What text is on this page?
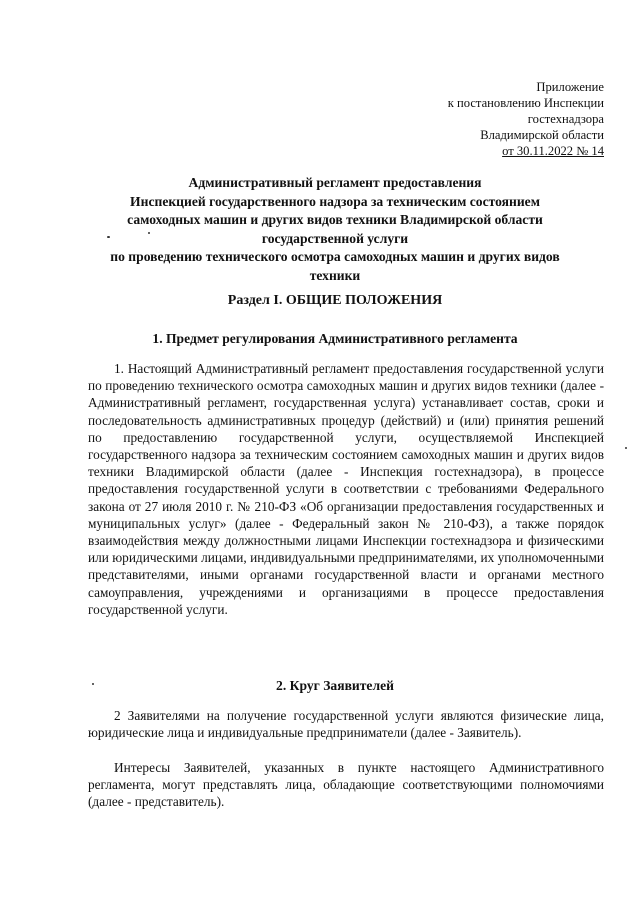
Приложение
к постановлению Инспекции
гостехнадзора
Владимирской области
от 30.11.2022 № 14
Административный регламент предоставления
Инспекцией государственного надзора за техническим состоянием
самоходных машин и других видов техники Владимирской области
государственной услуги
по проведению технического осмотра самоходных машин и других видов
техники
Раздел I. ОБЩИЕ ПОЛОЖЕНИЯ
1. Предмет регулирования Административного регламента
1. Настоящий Административный регламент предоставления государственной услуги по проведению технического осмотра самоходных машин и других видов техники (далее - Административный регламент, государственная услуга) устанавливает состав, сроки и последовательность административных процедур (действий) и (или) принятия решений по предоставлению государственной услуги, осуществляемой Инспекцией государственного надзора за техническим состоянием самоходных машин и других видов техники Владимирской области (далее - Инспекция гостехнадзора), в процессе предоставления государственной услуги в соответствии с требованиями Федерального закона от 27 июля 2010 г. № 210-ФЗ «Об организации предоставления государственных и муниципальных услуг» (далее - Федеральный закон № 210-ФЗ), а также порядок взаимодействия между должностными лицами Инспекции гостехнадзора и физическими или юридическими лицами, индивидуальными предпринимателями, их уполномоченными представителями, иными органами государственной власти и органами местного самоуправления, учреждениями и организациями в процессе предоставления государственной услуги.
2. Круг Заявителей
2 Заявителями на получение государственной услуги являются физические лица, юридические лица и индивидуальные предприниматели (далее - Заявитель).
Интересы Заявителей, указанных в пункте настоящего Административного регламента, могут представлять лица, обладающие соответствующими полномочиями (далее - представитель).
